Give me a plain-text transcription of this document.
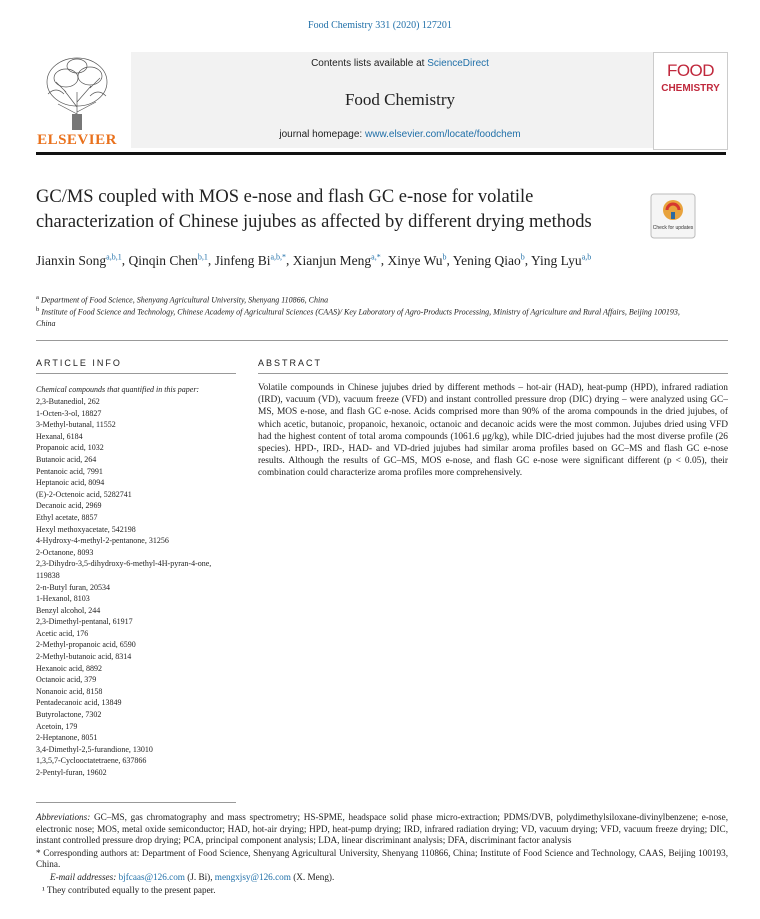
Food Chemistry 331 (2020) 127201
ELSEVIER
Contents lists available at ScienceDirect
Food Chemistry
journal homepage: www.elsevier.com/locate/foodchem
FOOD
CHEMISTRY
GC/MS coupled with MOS e-nose and flash GC e-nose for volatile characterization of Chinese jujubes as affected by different drying methods	Check for updates
Jianxin Song$^{a,b,1}$, Qinqin Chen$^{b,1}$, Jinfeng $Bi^{a,b,*}$, Xianjun Meng$^{a,*}$, Xinye Wu$^b$, Yening Qiao$^b$, Ying Lyu$^{a,b}$
$^a$ Department of Food Science, Shenyang Agricultural University, Shenyang 110866, China
$^b$ Institute of Food Science and Technology, Chinese Academy of Agricultural Sciences (CAAS)/ Key Laboratory of Agro-Products Processing, Ministry of Agriculture and Rural Affairs, Beijing 100193, China
ARTICLE INFO	ABSTRACT
Chemical compounds that quantified in this paper:
2,3-Butanediol, 262
1-Octen-3-ol, 18827
3-Methyl-butanal, 11552
Hexanal, 6184
Propanoic acid, 1032
Butanoic acid, 264
Pentanoic acid, 7991
Heptanoic acid, 8094
(E)-2-Octenoic acid, 5282741
Decanoic acid, 2969
Ethyl acetate, 8857
Hexyl methoxyacetate, 542198
4-Hydroxy-4-methyl-2-pentanone, 31256
2-Octanone, 8093
2,3-Dihydro-3,5-dihydroxy-6-methyl-4H-pyran-4-one, 119838
2-n-Butyl furan, 20534
1-Hexanol, 8103
Benzyl alcohol, 244
2,3-Dimethyl-pentanal, 61917
Acetic acid, 176
2-Methyl-propanoic acid, 6590
2-Methyl-butanoic acid, 8314
Hexanoic acid, 8892
Octanoic acid, 379
Nonanoic acid, 8158
Pentadecanoic acid, 13849
Butyrolactone, 7302
Acetoin, 179
2-Heptanone, 8051
3,4-Dimethyl-2,5-furandione, 13010
1,3,5,7-Cyclooctatetraene, 637866
2-Pentyl-furan, 19602
Volatile compounds in Chinese jujubes dried by different methods – hot-air (HAD), heat-pump (HPD), infrared radiation (IRD), vacuum (VD), vacuum freeze (VFD) and instant controlled pressure drop (DIC) drying – were analyzed using GC–MS, MOS e-nose, and flash GC e-nose. Acids comprised more than 90% of the aroma compounds in the dried jujubes, of which acetic, butanoic, propanoic, hexanoic, octanoic and decanoic acids were the most common. Jujubes dried using VFD had the highest content of total aroma compounds (1061.6 μg/kg), while DIC-dried jujubes had the most diverse profile (26 species). HPD-, IRD-, HAD- and VD-dried jujubes had similar aroma profiles based on GC–MS and flash GC e-nose results. Although the results of GC–MS, MOS e-nose, and flash GC e-nose were significant different (p < 0.05), their combination could characterize aroma profiles more comprehensively.

Abbreviations: GC–MS, gas chromatography and mass spectrometry; HS-SPME, headspace solid phase micro-extraction; PDMS/DVB, polydimethylsiloxane-divinylbenzene; e-nose, electronic nose; MOS, metal oxide semiconductor; HAD, hot-air drying; HPD, heat-pump drying; IRD, infrared radiation drying; VD, vacuum drying; VFD, vacuum freeze drying; DIC, instant controlled pressure drop drying; PCA, principal component analysis; LDA, linear discriminant analysis; DFA, discriminant factor analysis

* Corresponding authors at: Department of Food Science, Shenyang Agricultural University, Shenyang 110866, China; Institute of Food Science and Technology, CAAS, Beijing 100193, China.

E-mail addresses: bjfcaas@126.com (J. Bi), mengxjsy@126.com (X. Meng).

¹ They contributed equally to the present paper.
